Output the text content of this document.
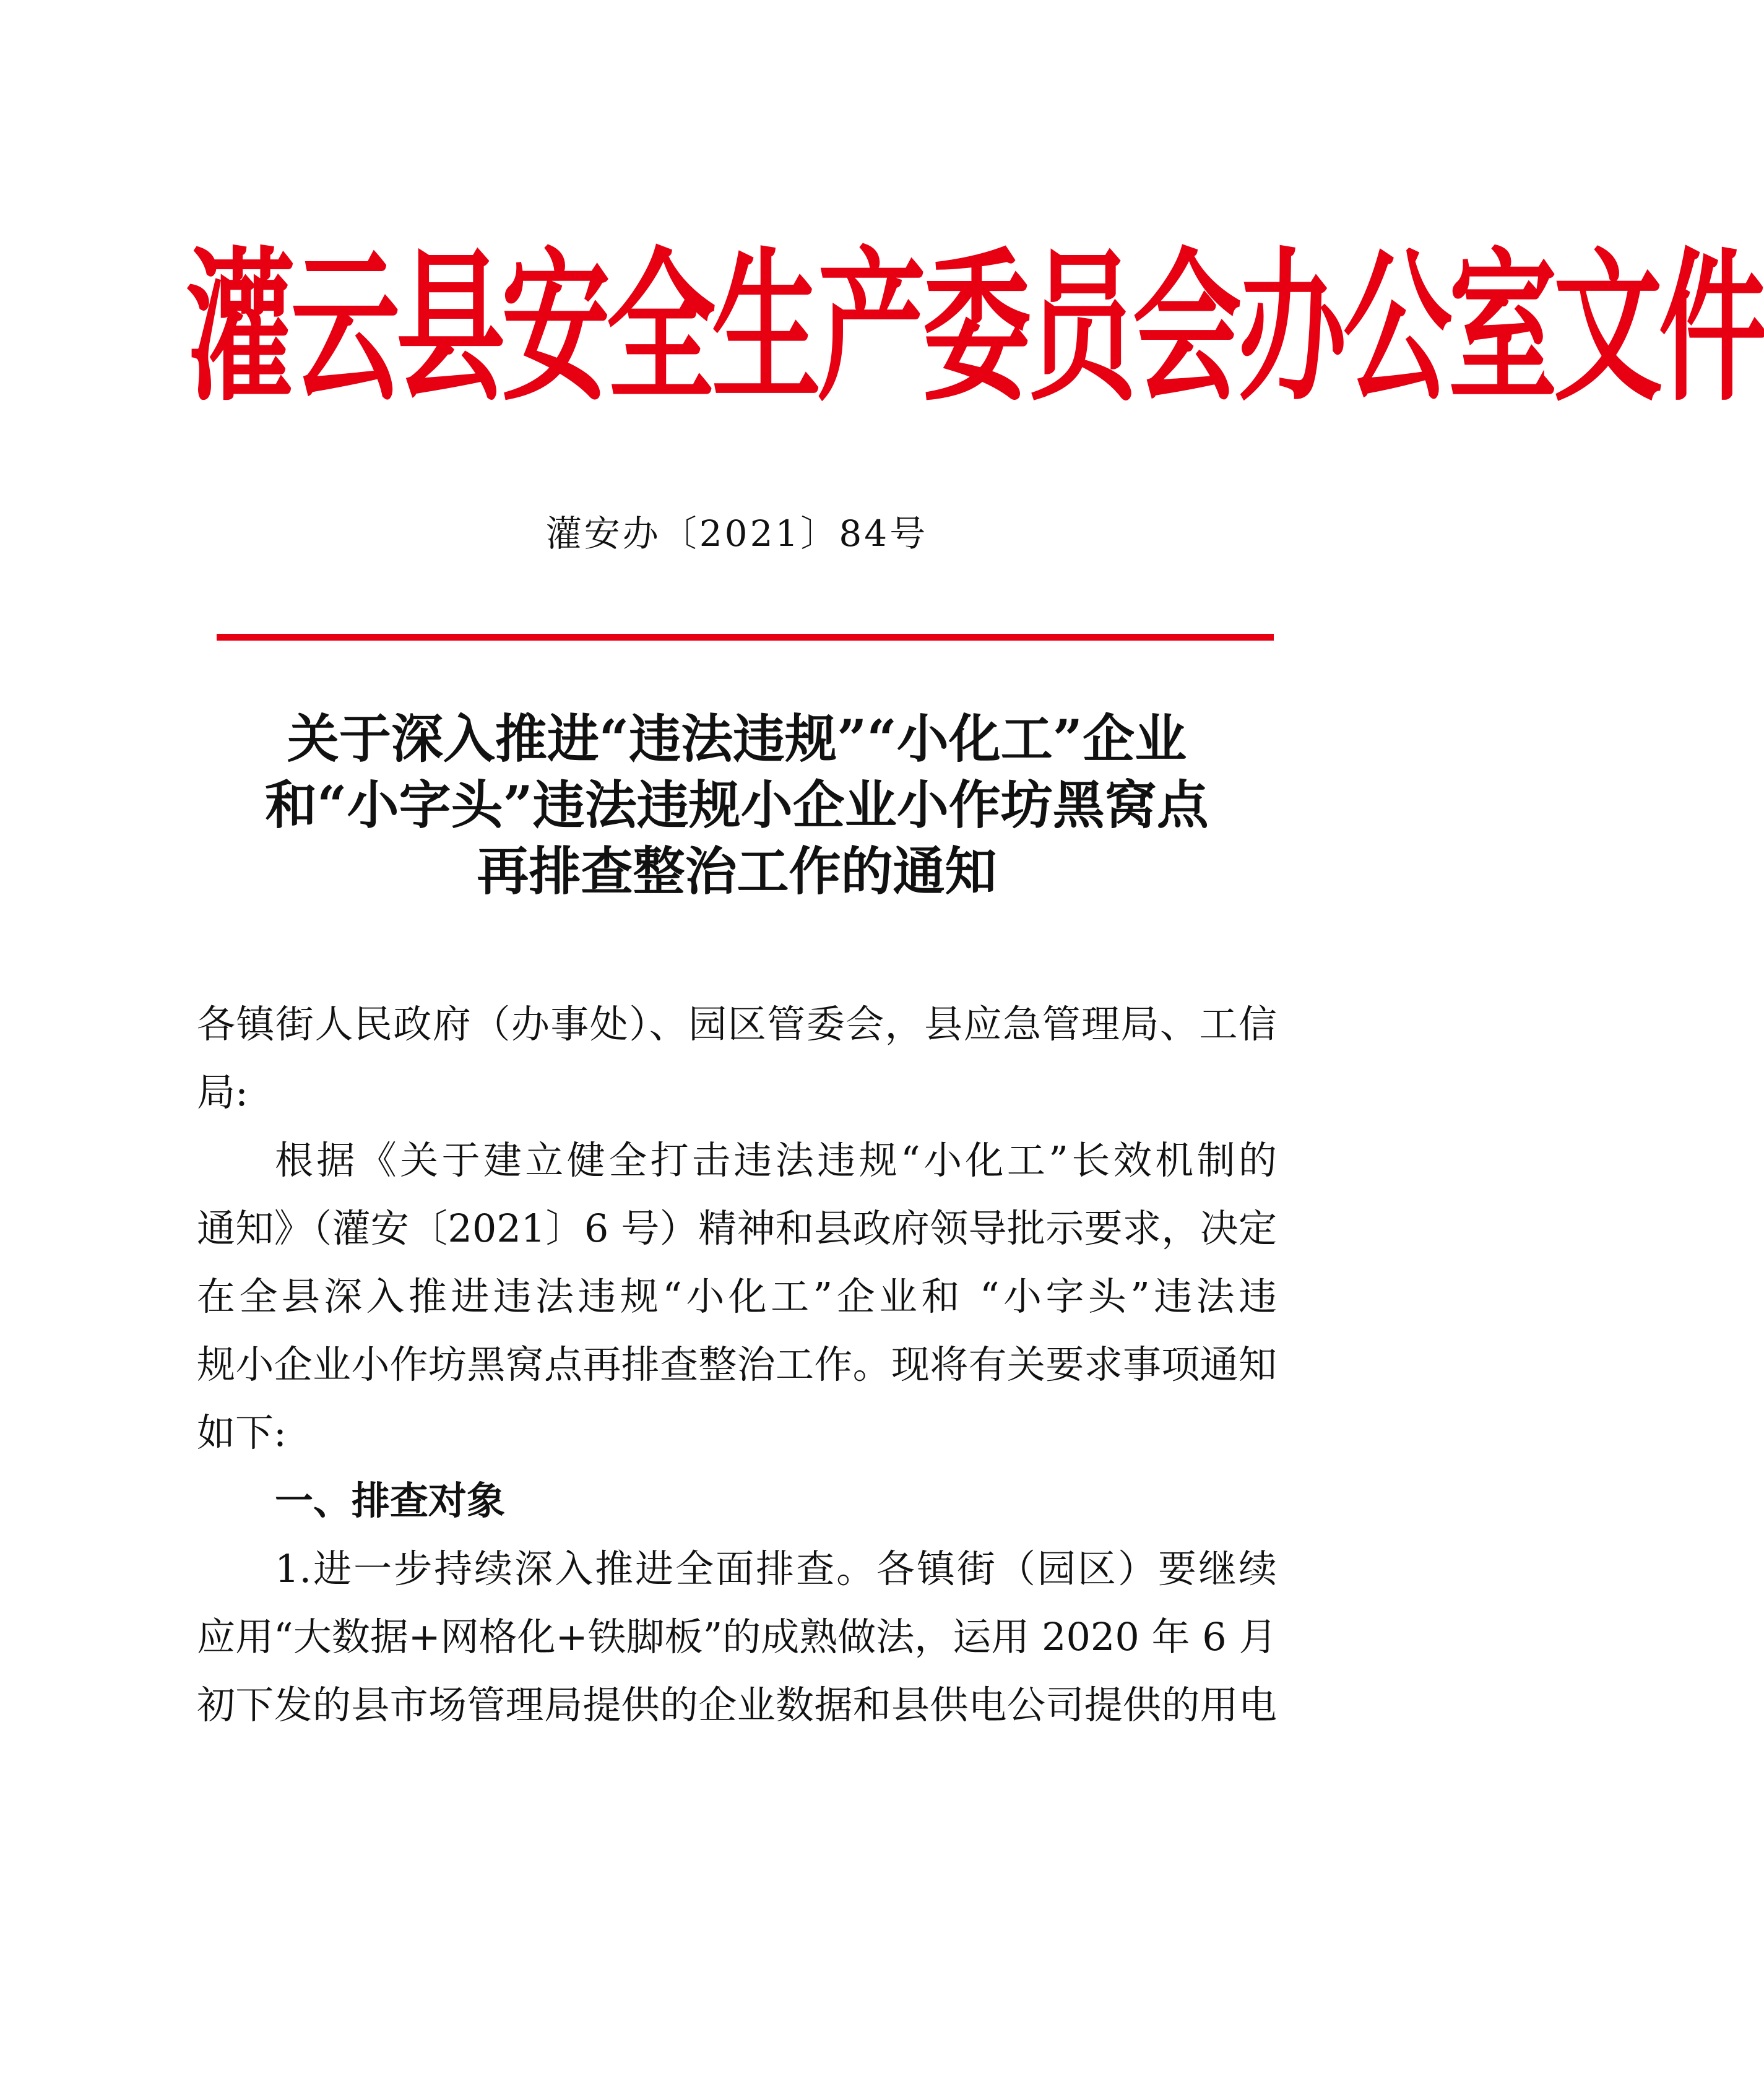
灌云县安全生产委员会办公室文件
灌安办〔2021〕84号
关于深入推进“违法违规”“小化工”企业
和“小字头”违法违规小企业小作坊黑窝点
再排查整治工作的通知
各镇街人民政府（办事处）、园区管委会，县应急管理局、工信
局:
根据《关于建立健全打击违法违规“小化工”长效机制的
通知》（灌安〔2021〕6 号）精神和县政府领导批示要求，决定
在全县深入推进违法违规“小化工”企业和 “小字头”违法违
规小企业小作坊黑窝点再排查整治工作。现将有关要求事项通知
如下:
一、排查对象
1.进一步持续深入推进全面排查。各镇街（园区）要继续
应用“大数据+网格化+铁脚板”的成熟做法，运用 2020 年 6 月
初下发的县市场管理局提供的企业数据和县供电公司提供的用电
